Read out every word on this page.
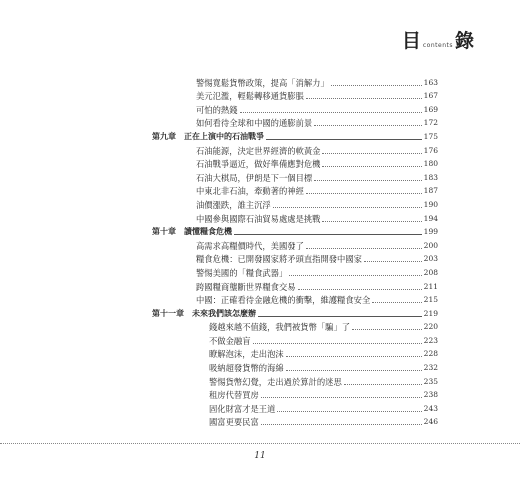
目 contents 錄
警惕寬鬆貨幣政策，提高「消解力」	163
美元氾濫，輕鬆轉移通貨膨脹	167
可怕的熱錢	169
如何看待全球和中國的通膨前景	172
第九章 正在上演中的石油戰爭	175
石油能源，決定世界經濟的軟黃金	176
石油戰爭逼近，做好準備應對危機	180
石油大棋局，伊朗是下一個目標	183
中東北非石油，牽動著的神經	187
油價漲跌，誰主沉浮	190
中國參與國際石油貿易處處是挑戰	194
第十章 讀懂糧食危機	199
高需求高糧價時代，美國發了	200
糧食危機：已開發國家將矛頭直指開發中國家	203
警惕美國的「糧食武器」	208
跨國糧商壟斷世界糧食交易	211
中國：正確看待金融危機的衝擊，維護糧食安全	215
第十一章 未來我們該怎麼辦	219
錢越來越不值錢，我們被貨幣「騙」了	220
不做金融盲	223
瞭解泡沫，走出泡沫	228
吸納超發貨幣的海綿	232
警惕貨幣幻覺，走出過於算計的迷思	235
租房代替買房	238
固化財富才是王道	243
國富更要民富	246
11
